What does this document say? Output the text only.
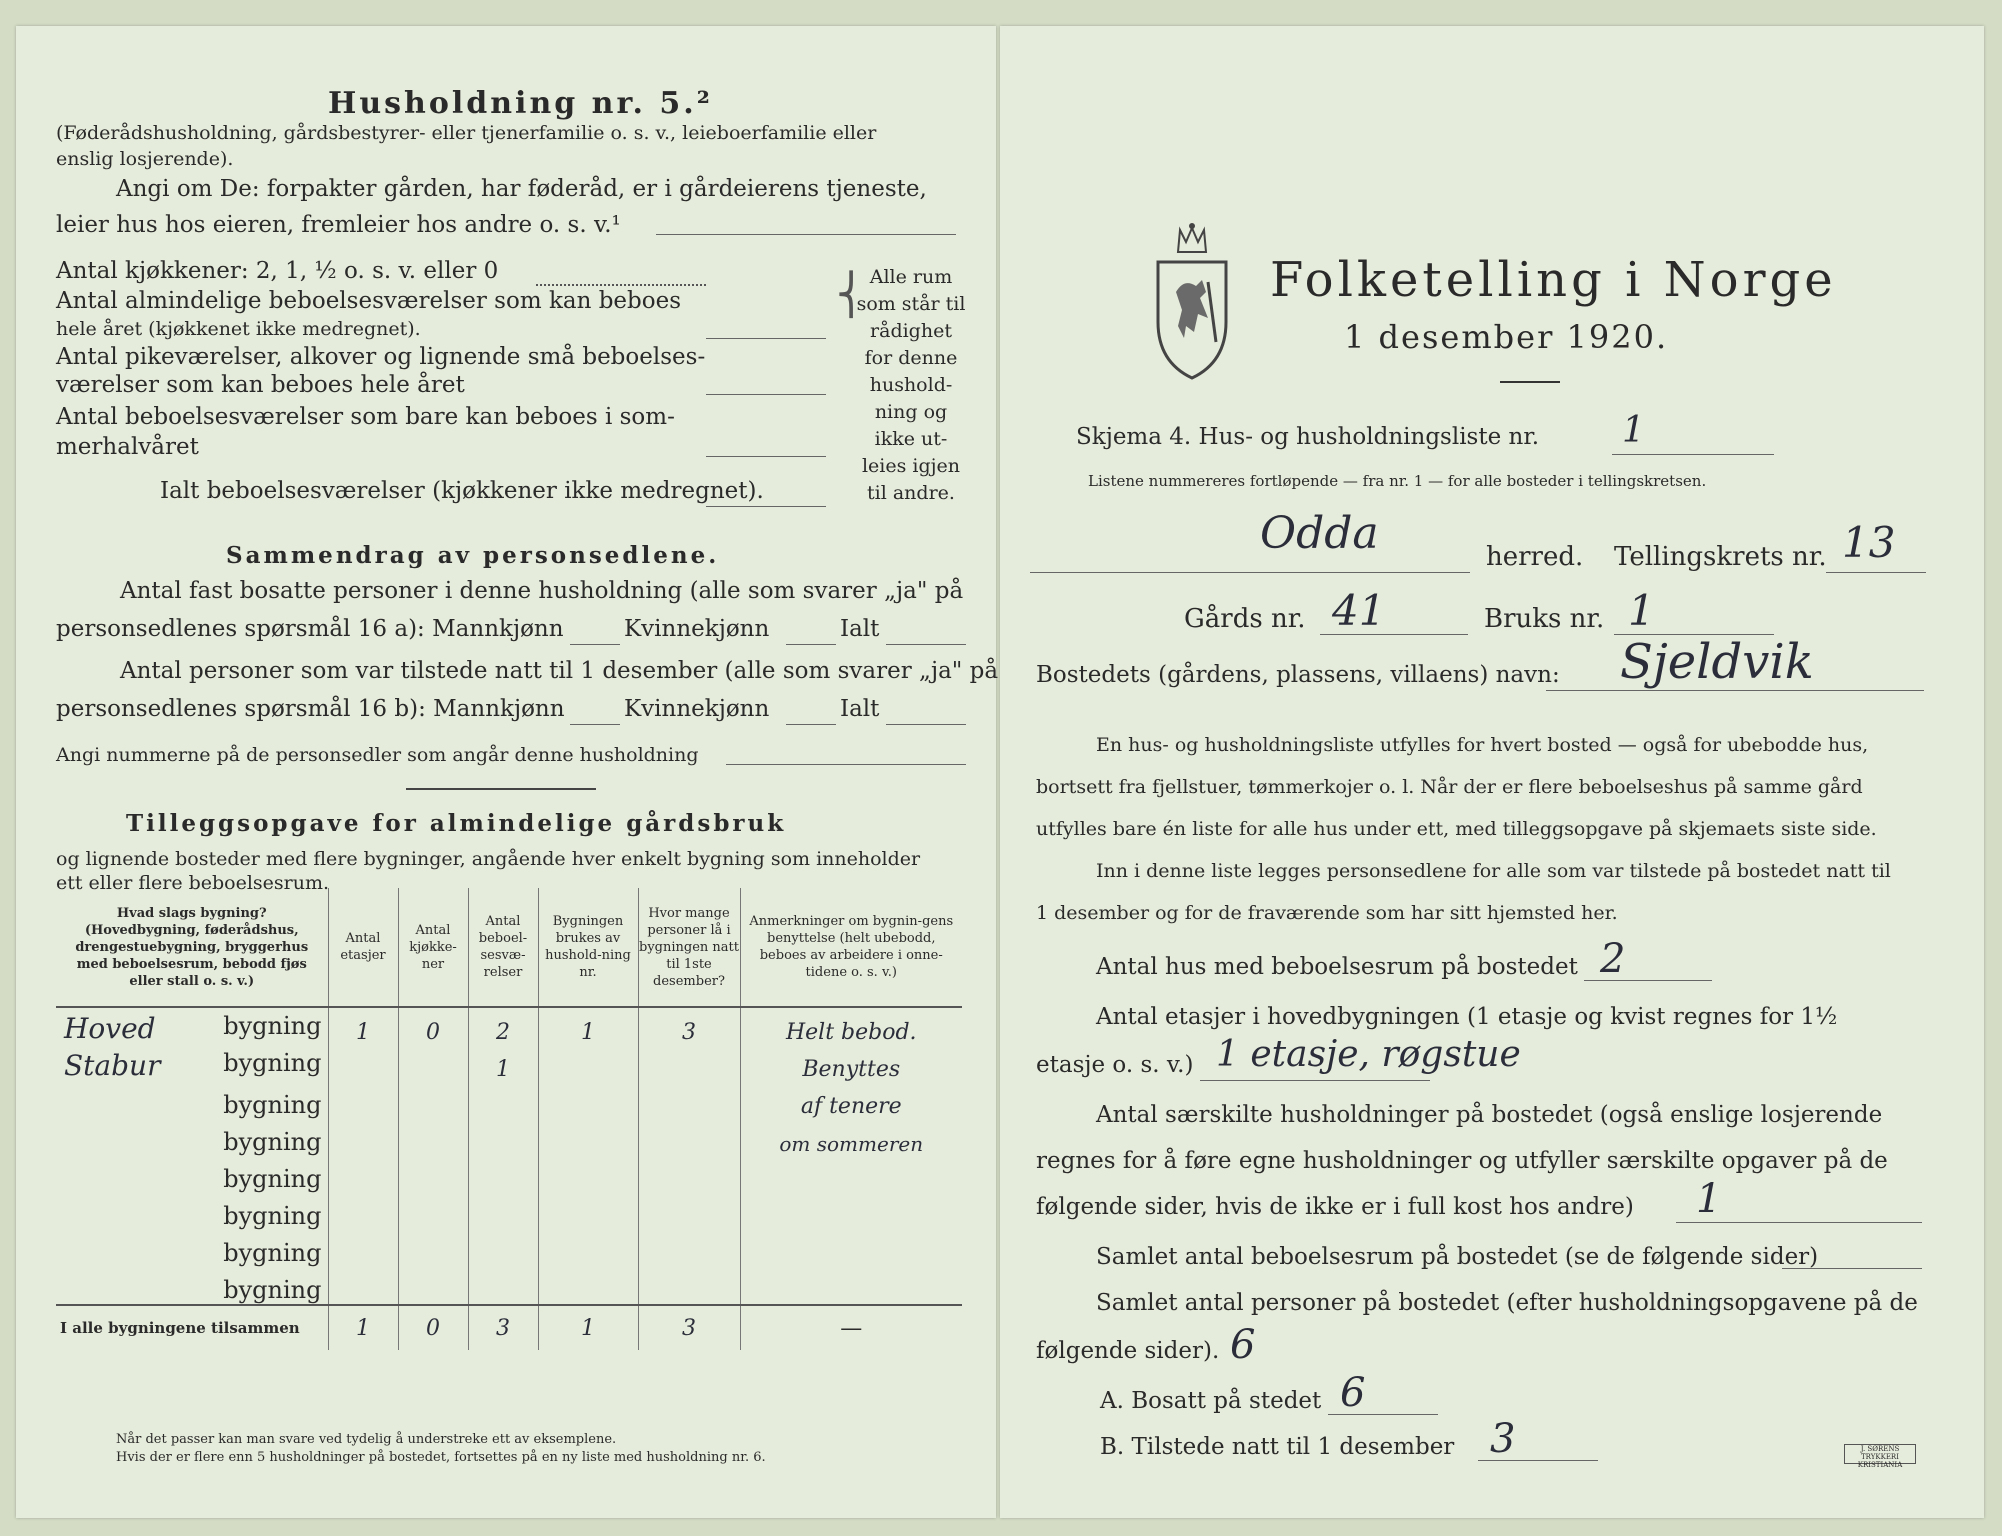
Husholdning nr. 5.²
(Føderådshusholdning, gårdsbestyrer- eller tjenerfamilie o. s. v., leieboerfamilie eller
enslig losjerende).
Angi om De: forpakter gården, har føderåd, er i gårdeierens tjeneste,
leier hus hos eieren, fremleier hos andre o. s. v.¹
Antal kjøkkener: 2, 1, ½ o. s. v. eller 0
Antal almindelige beboelsesværelser som kan beboes
hele året (kjøkkenet ikke medregnet).
Antal pikeværelser, alkover og lignende små beboelses-
værelser som kan beboes hele året
Antal beboelsesværelser som bare kan beboes i som-
merhalvåret
Ialt beboelsesværelser (kjøkkener ikke medregnet).
⎨ Alle rum
som står til
rådighet
for denne
hushold-
ning og
ikke ut-
leies igjen
til andre.
Sammendrag av personsedlene.
Antal fast bosatte personer i denne husholdning (alle som svarer „ja" på
personsedlenes spørsmål 16 a): Mannkjønn	Kvinnekjønn	Ialt
Antal personer som var tilstede natt til 1 desember (alle som svarer „ja" på
personsedlenes spørsmål 16 b): Mannkjønn	Kvinnekjønn	Ialt
Angi nummerne på de personsedler som angår denne husholdning
Tilleggsopgave for almindelige gårdsbruk
og lignende bosteder med flere bygninger, angående hver enkelt bygning som inneholder
ett eller flere beboelsesrum.
Hvad slags bygning? (Hovedbygning, føderådshus, drengestuebygning, bryggerhus med beboelsesrum, bebodd fjøs eller stall o. s. v.)	Antal etasjer	Antal kjøkke-ner	Antal beboel-sesvæ-relser	Bygningen brukes av hushold-ning nr.	Hvor mange personer lå i bygningen natt til 1ste desember?	Anmerkninger om bygnin-gens benyttelse (helt ubebodd, beboes av arbeidere i onne-tidene o. s. v.)

Hoved bygning	1	0	2	1	3	Helt bebod.

Stabur bygning			1			Benyttes

bygning						af tenere

bygning						om sommeren

bygning						

bygning						

bygning						

bygning						

I alle bygningene tilsammen	1	0	3	1	3	—
Når det passer kan man svare ved tydelig å understreke ett av eksemplene.
Hvis der er flere enn 5 husholdninger på bostedet, fortsettes på en ny liste med husholdning nr. 6.
Folketelling i Norge
1 desember 1920.
Skjema 4. Hus- og husholdningsliste nr. 1
Listene nummereres fortløpende — fra nr. 1 — for alle bosteder i tellingskretsen.
Odda	herred. Tellingskrets nr. 13
Gårds nr. 41	Bruks nr. 1
Bostedets (gårdens, plassens, villaens) navn: Sjeldvik
En hus- og husholdningsliste utfylles for hvert bosted — også for ubebodde hus,
bortsett fra fjellstuer, tømmerkojer o. l. Når der er flere beboelseshus på samme gård
utfylles bare én liste for alle hus under ett, med tilleggsopgave på skjemaets siste side.
Inn i denne liste legges personsedlene for alle som var tilstede på bostedet natt til
1 desember og for de fraværende som har sitt hjemsted her.
Antal hus med beboelsesrum på bostedet 2
Antal etasjer i hovedbygningen (1 etasje og kvist regnes for 1½
etasje o. s. v.) 1 etasje, røgstue
Antal særskilte husholdninger på bostedet (også enslige losjerende
regnes for å føre egne husholdninger og utfyller særskilte opgaver på de
følgende sider, hvis de ikke er i full kost hos andre) 1
Samlet antal beboelsesrum på bostedet (se de følgende sider)
Samlet antal personer på bostedet (efter husholdningsopgavene på de
følgende sider). 6
A. Bosatt på stedet 6
B. Tilstede natt til 1 desember 3	J. SØRENS TRYKKERI KRISTIANIA
